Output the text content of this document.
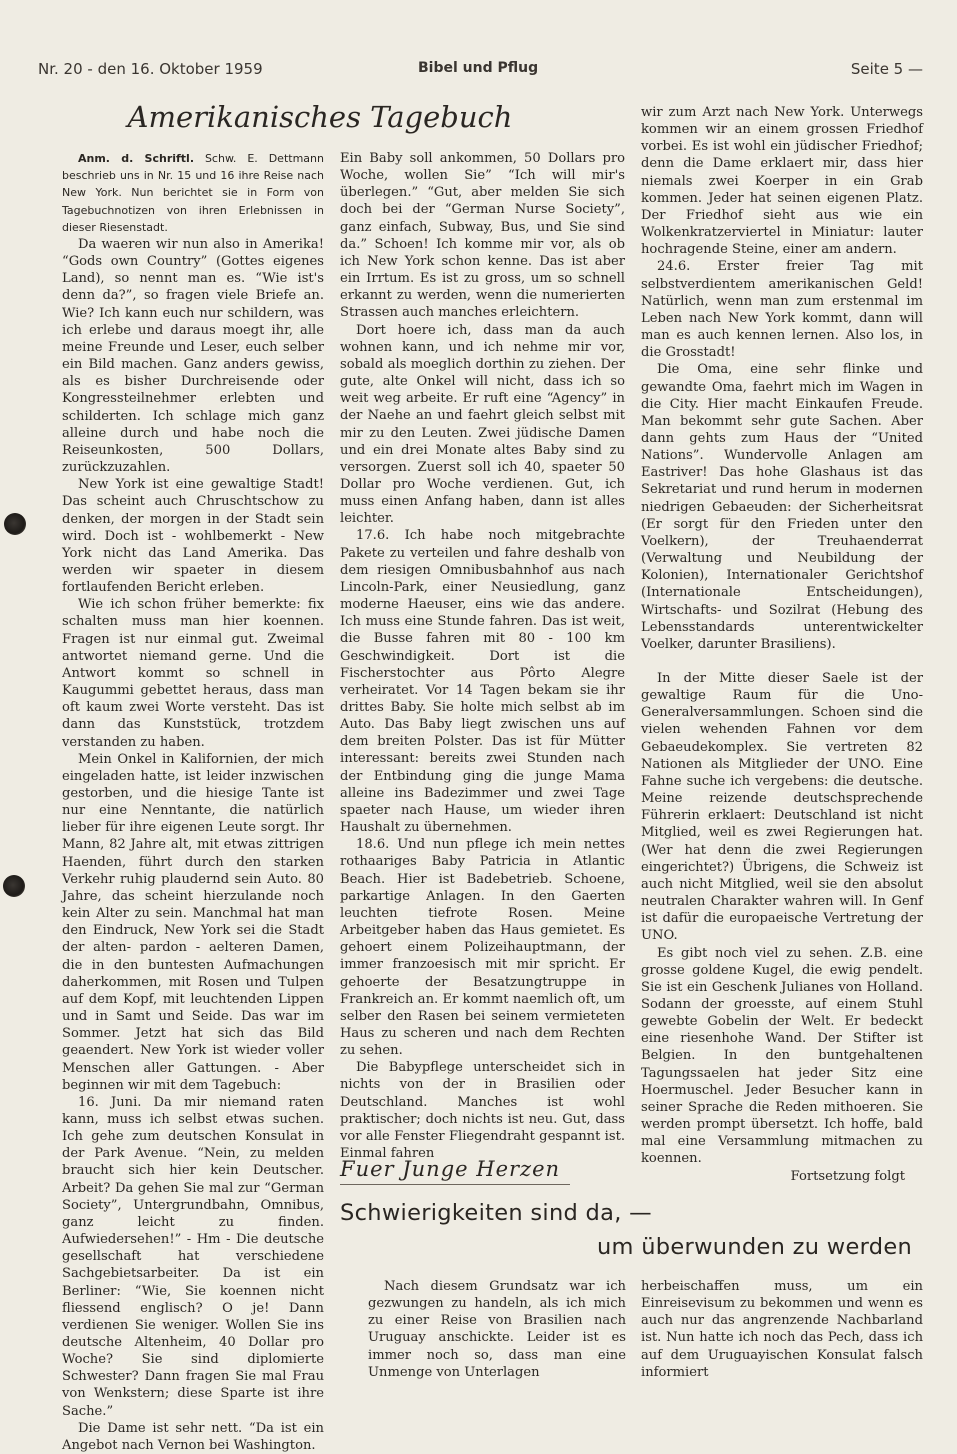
Nr. 20 - den 16. Oktober 1959	Bibel und Pflug	Seite 5 —
Amerikanisches Tagebuch

Anm. d. Schriftl. Schw. E. Dettmann beschrieb uns in Nr. 15 und 16 ihre Reise nach New York. Nun berichtet sie in Form von Tagebuchnotizen von ihren Erlebnissen in dieser Riesenstadt.

Da waeren wir nun also in Amerika! “Gods own Country” (Gottes eigenes Land), so nennt man es. “Wie ist's denn da?”, so fragen viele Briefe an. Wie? Ich kann euch nur schildern, was ich erlebe und daraus moegt ihr, alle meine Freunde und Leser, euch selber ein Bild machen. Ganz anders gewiss, als es bisher Durchreisende oder Kongressteilnehmer erlebten und schilderten. Ich schlage mich ganz alleine durch und habe noch die Reiseunkosten, 500 Dollars, zurückzuzahlen.

New York ist eine gewaltige Stadt! Das scheint auch Chruschtschow zu denken, der morgen in der Stadt sein wird. Doch ist - wohlbemerkt - New York nicht das Land Amerika. Das werden wir spaeter in diesem fortlaufenden Bericht erleben.

Wie ich schon früher bemerkte: fix schalten muss man hier koennen. Fragen ist nur einmal gut. Zweimal antwortet niemand gerne. Und die Antwort kommt so schnell in Kaugummi gebettet heraus, dass man oft kaum zwei Worte versteht. Das ist dann das Kunststück, trotzdem verstanden zu haben.

Mein Onkel in Kalifornien, der mich eingeladen hatte, ist leider inzwischen gestorben, und die hiesige Tante ist nur eine Nenntante, die natürlich lieber für ihre eigenen Leute sorgt. Ihr Mann, 82 Jahre alt, mit etwas zittrigen Haenden, führt durch den starken Verkehr ruhig plaudernd sein Auto. 80 Jahre, das scheint hierzulande noch kein Alter zu sein. Manchmal hat man den Eindruck, New York sei die Stadt der alten- pardon - aelteren Damen, die in den buntesten Aufmachungen daherkommen, mit Rosen und Tulpen auf dem Kopf, mit leuchtenden Lippen und in Samt und Seide. Das war im Sommer. Jetzt hat sich das Bild geaendert. New York ist wieder voller Menschen aller Gattungen. - Aber beginnen wir mit dem Tagebuch:

16. Juni. Da mir niemand raten kann, muss ich selbst etwas suchen. Ich gehe zum deutschen Konsulat in der Park Avenue. “Nein, zu melden braucht sich hier kein Deutscher. Arbeit? Da gehen Sie mal zur “German Society”, Untergrundbahn, Omnibus, ganz leicht zu finden. Aufwiedersehen!” - Hm - Die deutsche gesellschaft hat verschiedene Sachgebietsarbeiter. Da ist ein Berliner: “Wie, Sie koennen nicht fliessend englisch? O je! Dann verdienen Sie weniger. Wollen Sie ins deutsche Altenheim, 40 Dollar pro Woche? Sie sind diplomierte Schwester? Dann fragen Sie mal Frau von Wenkstern; diese Sparte ist ihre Sache.”

Die Dame ist sehr nett. “Da ist ein Angebot nach Vernon bei Washington.

Ein Baby soll ankommen, 50 Dollars pro Woche, wollen Sie” “Ich will mir's überlegen.” “Gut, aber melden Sie sich doch bei der “German Nurse Society”, ganz einfach, Subway, Bus, und Sie sind da.” Schoen! Ich komme mir vor, als ob ich New York schon kenne. Das ist aber ein Irrtum. Es ist zu gross, um so schnell erkannt zu werden, wenn die numerierten Strassen auch manches erleichtern.

Dort hoere ich, dass man da auch wohnen kann, und ich nehme mir vor, sobald als moeglich dorthin zu ziehen. Der gute, alte Onkel will nicht, dass ich so weit weg arbeite. Er ruft eine “Agency” in der Naehe an und faehrt gleich selbst mit mir zu den Leuten. Zwei jüdische Damen und ein drei Monate altes Baby sind zu versorgen. Zuerst soll ich 40, spaeter 50 Dollar pro Woche verdienen. Gut, ich muss einen Anfang haben, dann ist alles leichter.

17.6. Ich habe noch mitgebrachte Pakete zu verteilen und fahre deshalb von dem riesigen Omnibusbahnhof aus nach Lincoln-Park, einer Neusiedlung, ganz moderne Haeuser, eins wie das andere. Ich muss eine Stunde fahren. Das ist weit, die Busse fahren mit 80 - 100 km Geschwindigkeit. Dort ist die Fischerstochter aus Pôrto Alegre verheiratet. Vor 14 Tagen bekam sie ihr drittes Baby. Sie holte mich selbst ab im Auto. Das Baby liegt zwischen uns auf dem breiten Polster. Das ist für Mütter interessant: bereits zwei Stunden nach der Entbindung ging die junge Mama alleine ins Badezimmer und zwei Tage spaeter nach Hause, um wieder ihren Haushalt zu übernehmen.

18.6. Und nun pflege ich mein nettes rothaariges Baby Patricia in Atlantic Beach. Hier ist Badebetrieb. Schoene, parkartige Anlagen. In den Gaerten leuchten tiefrote Rosen. Meine Arbeitgeber haben das Haus gemietet. Es gehoert einem Polizeihauptmann, der immer franzoesisch mit mir spricht. Er gehoerte der Besatzungtruppe in Frankreich an. Er kommt naemlich oft, um selber den Rasen bei seinem vermieteten Haus zu scheren und nach dem Rechten zu sehen.

Die Babypflege unterscheidet sich in nichts von der in Brasilien oder Deutschland. Manches ist wohl praktischer; doch nichts ist neu. Gut, dass vor alle Fenster Fliegendraht gespannt ist. Einmal fahren

wir zum Arzt nach New York. Unterwegs kommen wir an einem grossen Friedhof vorbei. Es ist wohl ein jüdischer Friedhof; denn die Dame erklaert mir, dass hier niemals zwei Koerper in ein Grab kommen. Jeder hat seinen eigenen Platz. Der Friedhof sieht aus wie ein Wolkenkratzerviertel in Miniatur: lauter hochragende Steine, einer am andern.

24.6. Erster freier Tag mit selbstverdientem amerikanischen Geld! Natürlich, wenn man zum erstenmal im Leben nach New York kommt, dann will man es auch kennen lernen. Also los, in die Grosstadt!

Die Oma, eine sehr flinke und gewandte Oma, faehrt mich im Wagen in die City. Hier macht Einkaufen Freude. Man bekommt sehr gute Sachen. Aber dann gehts zum Haus der “United Nations”. Wundervolle Anlagen am Eastriver! Das hohe Glashaus ist das Sekretariat und rund herum in modernen niedrigen Gebaeuden: der Sicherheitsrat (Er sorgt für den Frieden unter den Voelkern), der Treuhaenderrat (Verwaltung und Neubildung der Kolonien), Internationaler Gerichtshof (Internationale Entscheidungen), Wirtschafts- und Sozilrat (Hebung des Lebensstandards unterentwickelter Voelker, darunter Brasiliens).

In der Mitte dieser Saele ist der gewaltige Raum für die Uno-Generalversammlungen. Schoen sind die vielen wehenden Fahnen vor dem Gebaeudekomplex. Sie vertreten 82 Nationen als Mitglieder der UNO. Eine Fahne suche ich vergebens: die deutsche. Meine reizende deutschsprechende Führerin erklaert: Deutschland ist nicht Mitglied, weil es zwei Regierungen hat. (Wer hat denn die zwei Regierungen eingerichtet?) Übrigens, die Schweiz ist auch nicht Mitglied, weil sie den absolut neutralen Charakter wahren will. In Genf ist dafür die europaeische Vertretung der UNO.

Es gibt noch viel zu sehen. Z.B. eine grosse goldene Kugel, die ewig pendelt. Sie ist ein Geschenk Julianes von Holland. Sodann der groesste, auf einem Stuhl gewebte Gobelin der Welt. Er bedeckt eine riesenhohe Wand. Der Stifter ist Belgien. In den buntgehaltenen Tagungssaelen hat jeder Sitz eine Hoermuschel. Jeder Besucher kann in seiner Sprache die Reden mithoeren. Sie werden prompt übersetzt. Ich hoffe, bald mal eine Versammlung mitmachen zu koennen.

Fortsetzung folgt

Fuer Junge Herzen
Schwierigkeiten sind da, —
um überwunden zu werden

Nach diesem Grundsatz war ich gezwungen zu handeln, als ich mich zu einer Reise von Brasilien nach Uruguay anschickte. Leider ist es immer noch so, dass man eine Unmenge von Unterlagen

herbeischaffen muss, um ein Einreisevisum zu bekommen und wenn es auch nur das angrenzende Nachbarland ist. Nun hatte ich noch das Pech, dass ich auf dem Uruguayischen Konsulat falsch informiert
